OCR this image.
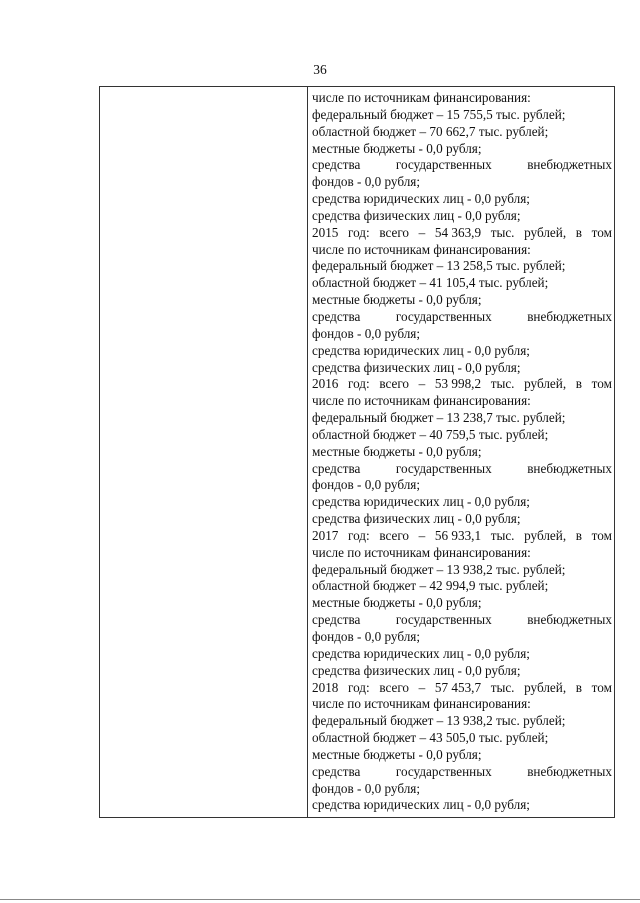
36
числе по источникам финансирования:
федеральный бюджет – 15 755,5 тыс. рублей;
областной бюджет – 70 662,7 тыс. рублей;
местные бюджеты - 0,0 рубля;
средства	государственных	внебюджетных
фондов - 0,0 рубля;
средства юридических лиц - 0,0 рубля;
средства физических лиц - 0,0 рубля;
2015 год: всего – 54 363,9 тыс. рублей, в том
числе по источникам финансирования:
федеральный бюджет – 13 258,5 тыс. рублей;
областной бюджет – 41 105,4 тыс. рублей;
местные бюджеты - 0,0 рубля;
средства	государственных	внебюджетных
фондов - 0,0 рубля;
средства юридических лиц - 0,0 рубля;
средства физических лиц - 0,0 рубля;
2016 год: всего – 53 998,2 тыс. рублей, в том
числе по источникам финансирования:
федеральный бюджет – 13 238,7 тыс. рублей;
областной бюджет – 40 759,5 тыс. рублей;
местные бюджеты - 0,0 рубля;
средства	государственных	внебюджетных
фондов - 0,0 рубля;
средства юридических лиц - 0,0 рубля;
средства физических лиц - 0,0 рубля;
2017 год: всего – 56 933,1 тыс. рублей, в том
числе по источникам финансирования:
федеральный бюджет – 13 938,2 тыс. рублей;
областной бюджет – 42 994,9 тыс. рублей;
местные бюджеты - 0,0 рубля;
средства	государственных	внебюджетных
фондов - 0,0 рубля;
средства юридических лиц - 0,0 рубля;
средства физических лиц - 0,0 рубля;
2018 год: всего – 57 453,7 тыс. рублей, в том
числе по источникам финансирования:
федеральный бюджет – 13 938,2 тыс. рублей;
областной бюджет – 43 505,0 тыс. рублей;
местные бюджеты - 0,0 рубля;
средства	государственных	внебюджетных
фондов - 0,0 рубля;
средства юридических лиц - 0,0 рубля;
